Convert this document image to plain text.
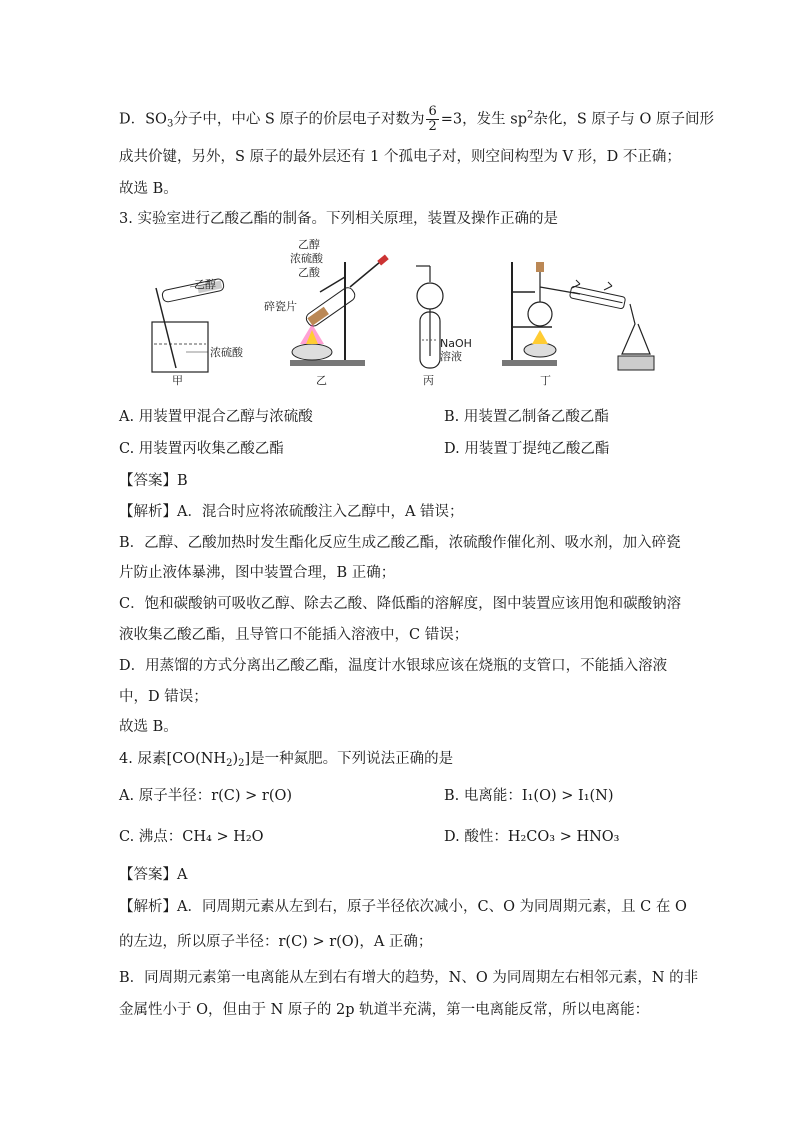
D．$SO_3$分子中，中心 S 原子的价层电子对数为 $\frac{6}{2} =3$，发生 $sp^2$杂化，S 原子与 O 原子间形
成共价键，另外，S 原子的最外层还有 1 个孤电子对，则空间构型为 V 形，D 不正确；
故选 B。
3. 实验室进行乙酸乙酯的制备。下列相关原理，装置及操作正确的是
乙醇
浓硫酸
甲
乙醇
浓硫酸
乙酸
碎瓷片
乙
NaOH
溶液
丙	丁
A. 用装置甲混合乙醇与浓硫酸	B. 用装置乙制备乙酸乙酯
C. 用装置丙收集乙酸乙酯	D. 用装置丁提纯乙酸乙酯
【答案】B
【解析】A．混合时应将浓硫酸注入乙醇中，A 错误；
B．乙醇、乙酸加热时发生酯化反应生成乙酸乙酯，浓硫酸作催化剂、吸水剂，加入碎瓷
片防止液体暴沸，图中装置合理，B 正确；
C．饱和碳酸钠可吸收乙醇、除去乙酸、降低酯的溶解度，图中装置应该用饱和碳酸钠溶
液收集乙酸乙酯，且导管口不能插入溶液中，C 错误；
D．用蒸馏的方式分离出乙酸乙酯，温度计水银球应该在烧瓶的支管口，不能插入溶液
中，D 错误；
故选 B。
4. 尿素$[CO(NH_2)_2]$是一种氮肥。下列说法正确的是
A. 原子半径：r(C) > r(O)	B. 电离能：I₁(O) > I₁(N)
C. 沸点：CH₄ > H₂O	D. 酸性：H₂CO₃ > HNO₃
【答案】A
【解析】A．同周期元素从左到右，原子半径依次减小，C、O 为同周期元素，且 C 在 O
的左边，所以原子半径：r(C) > r(O)，A 正确；
B．同周期元素第一电离能从左到右有增大的趋势，N、O 为同周期左右相邻元素，N 的非
金属性小于 O，但由于 N 原子的 2p 轨道半充满，第一电离能反常，所以电离能：
